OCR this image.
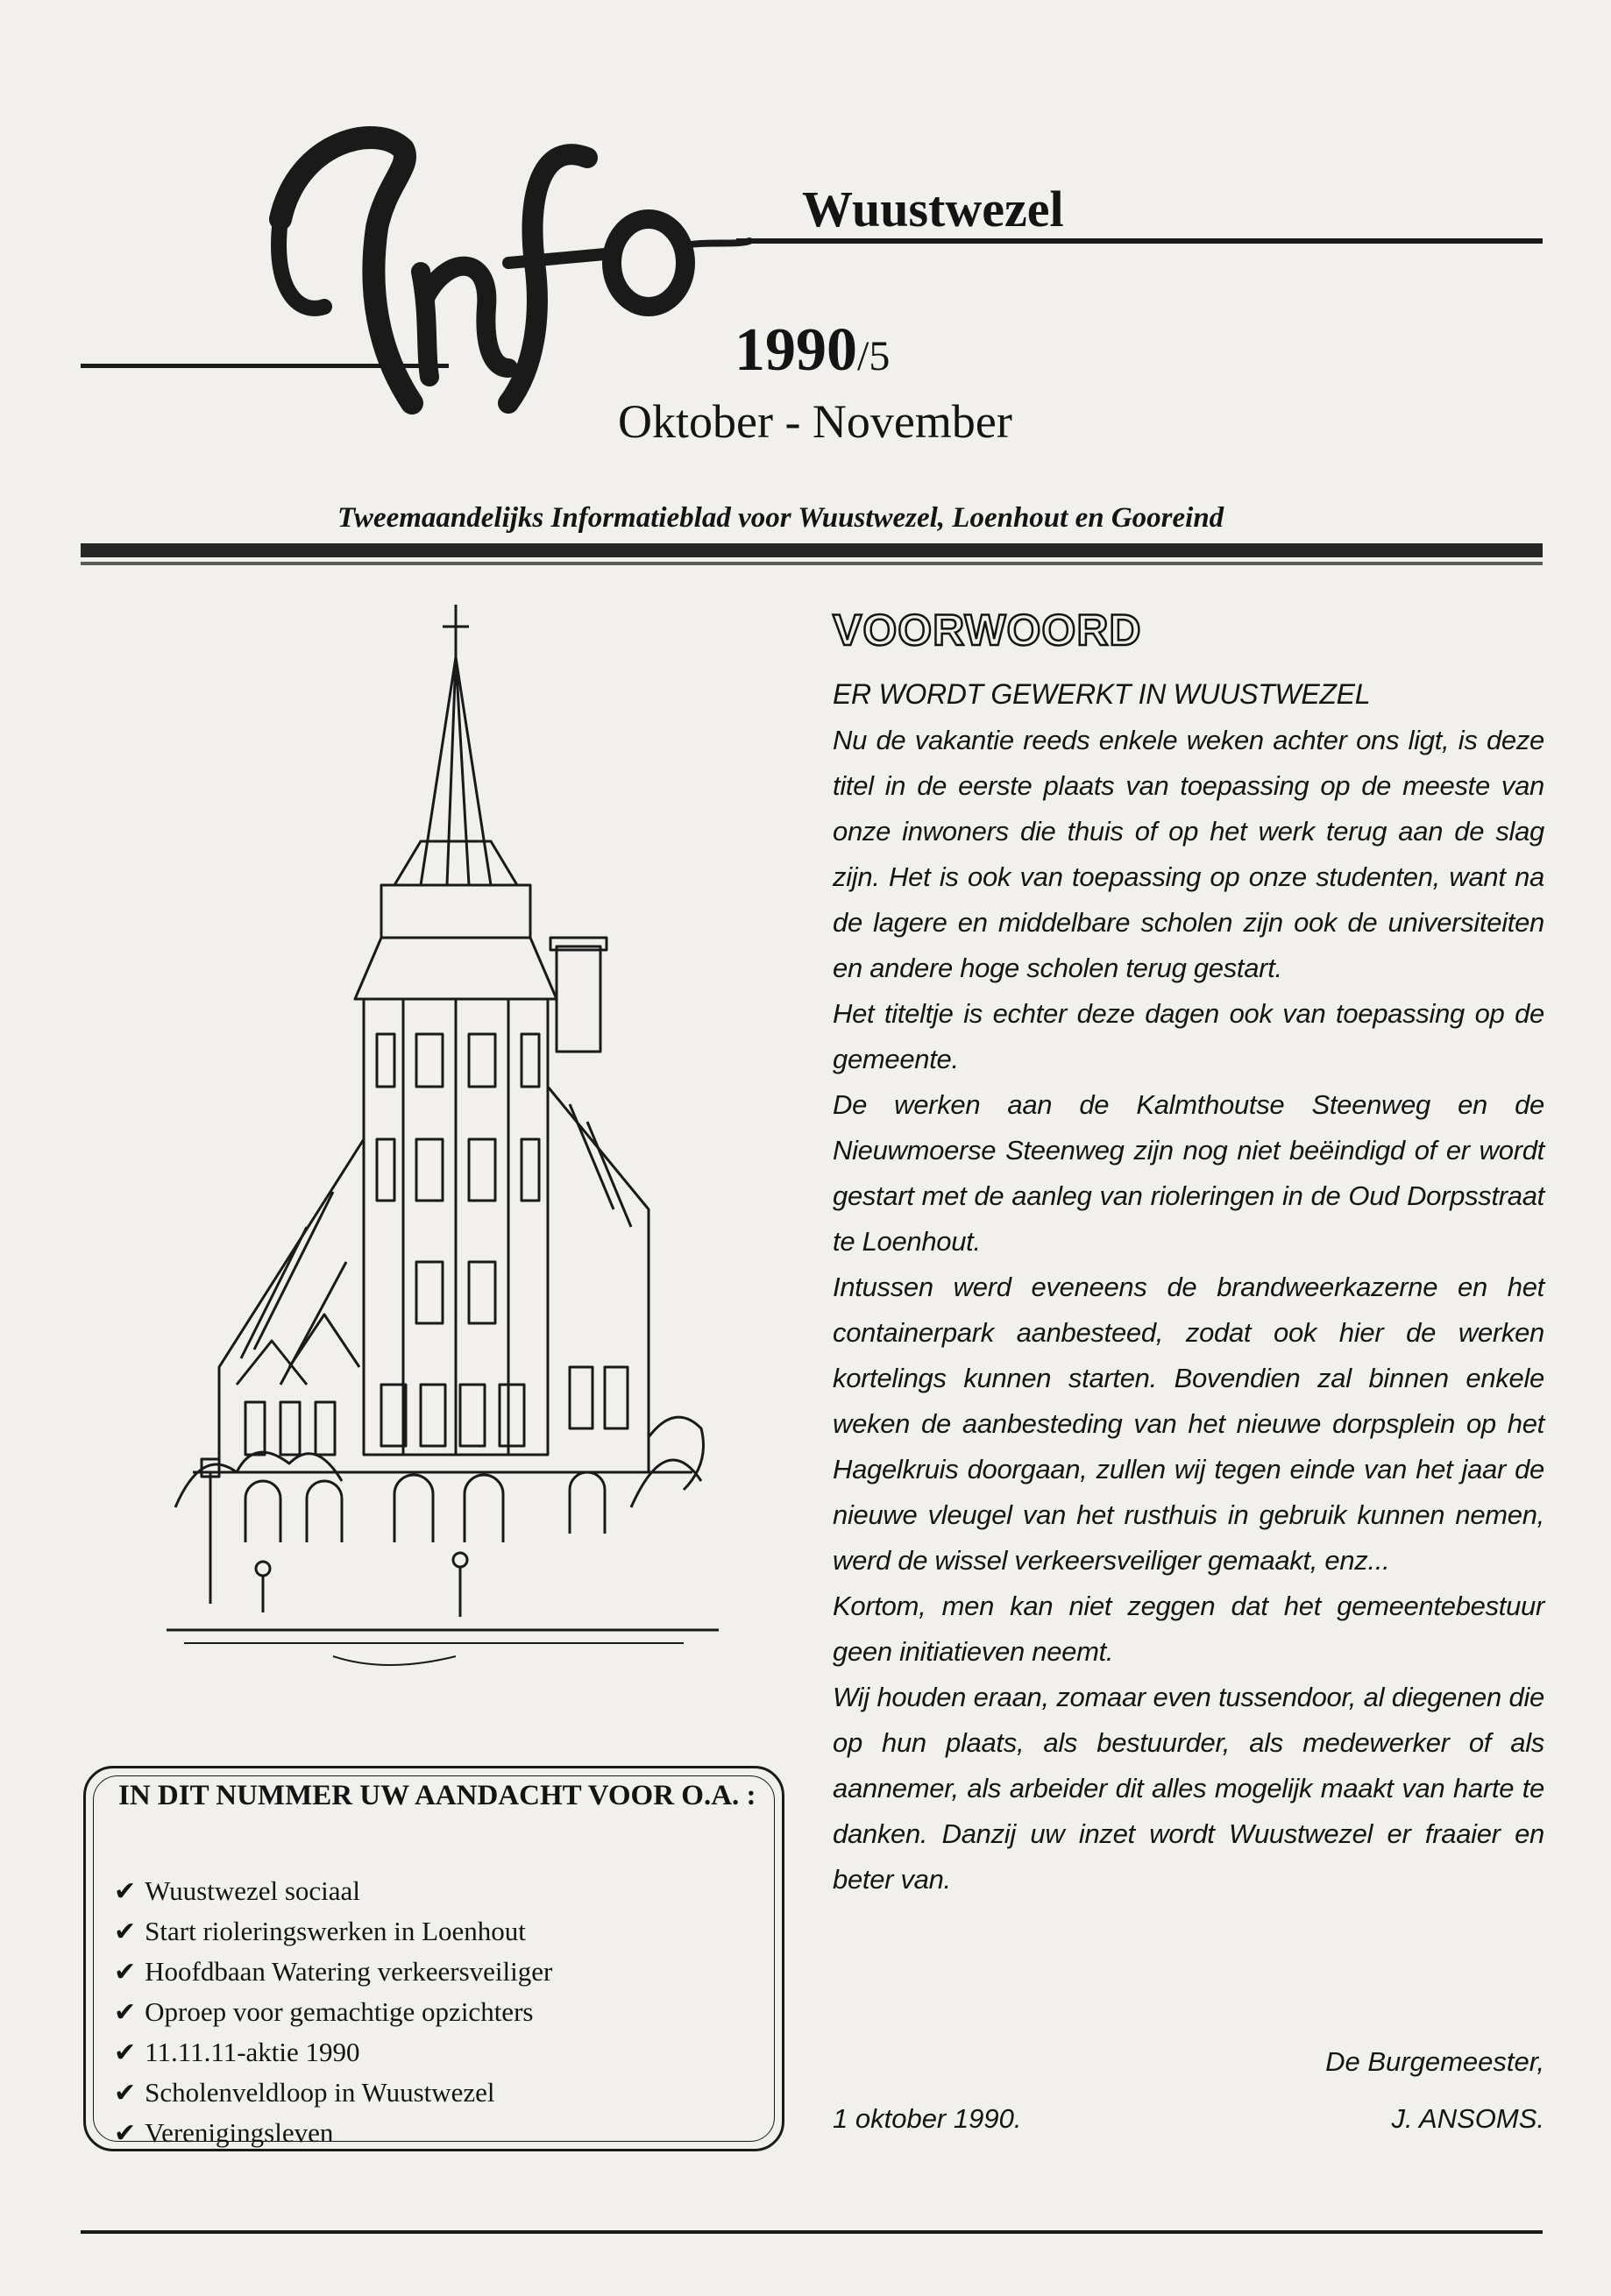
Info
Wuustwezel
1990/5
Oktober - November
Tweemaandelijks Informatieblad voor Wuustwezel, Loenhout en Gooreind
VOORWOORD
ER WORDT GEWERKT IN WUUSTWEZEL

Nu de vakantie reeds enkele weken achter ons ligt, is deze titel in de eerste plaats van toepassing op de meeste van onze inwoners die thuis of op het werk terug aan de slag zijn. Het is ook van toepassing op onze studenten, want na de lagere en middelbare scholen zijn ook de universiteiten en andere hoge scholen terug gestart.

Het titeltje is echter deze dagen ook van toepassing op de gemeente.

De werken aan de Kalmthoutse Steenweg en de Nieuwmoerse Steenweg zijn nog niet beëindigd of er wordt gestart met de aanleg van rioleringen in de Oud Dorpsstraat te Loenhout.

Intussen werd eveneens de brandweerkazerne en het containerpark aanbesteed, zodat ook hier de werken kortelings kunnen starten. Bovendien zal binnen enkele weken de aanbesteding van het nieuwe dorpsplein op het Hagelkruis doorgaan, zullen wij tegen einde van het jaar de nieuwe vleugel van het rusthuis in gebruik kunnen nemen, werd de wissel verkeersveiliger gemaakt, enz...

Kortom, men kan niet zeggen dat het gemeentebestuur geen initiatieven neemt.

Wij houden eraan, zomaar even tussendoor, al diegenen die op hun plaats, als bestuurder, als medewerker of als aannemer, als arbeider dit alles mogelijk maakt van harte te danken. Danzij uw inzet wordt Wuustwezel er fraaier en beter van.

De Burgemeester,
1 oktober 1990.	J. ANSOMS.
IN DIT NUMMER UW AANDACHT VOOR O.A. :
✔ Wuustwezel sociaal
✔ Start rioleringswerken in Loenhout
✔ Hoofdbaan Watering verkeersveiliger
✔ Oproep voor gemachtige opzichters
✔ 11.11.11-aktie 1990
✔ Scholenveldloop in Wuustwezel
✔ Verenigingsleven
